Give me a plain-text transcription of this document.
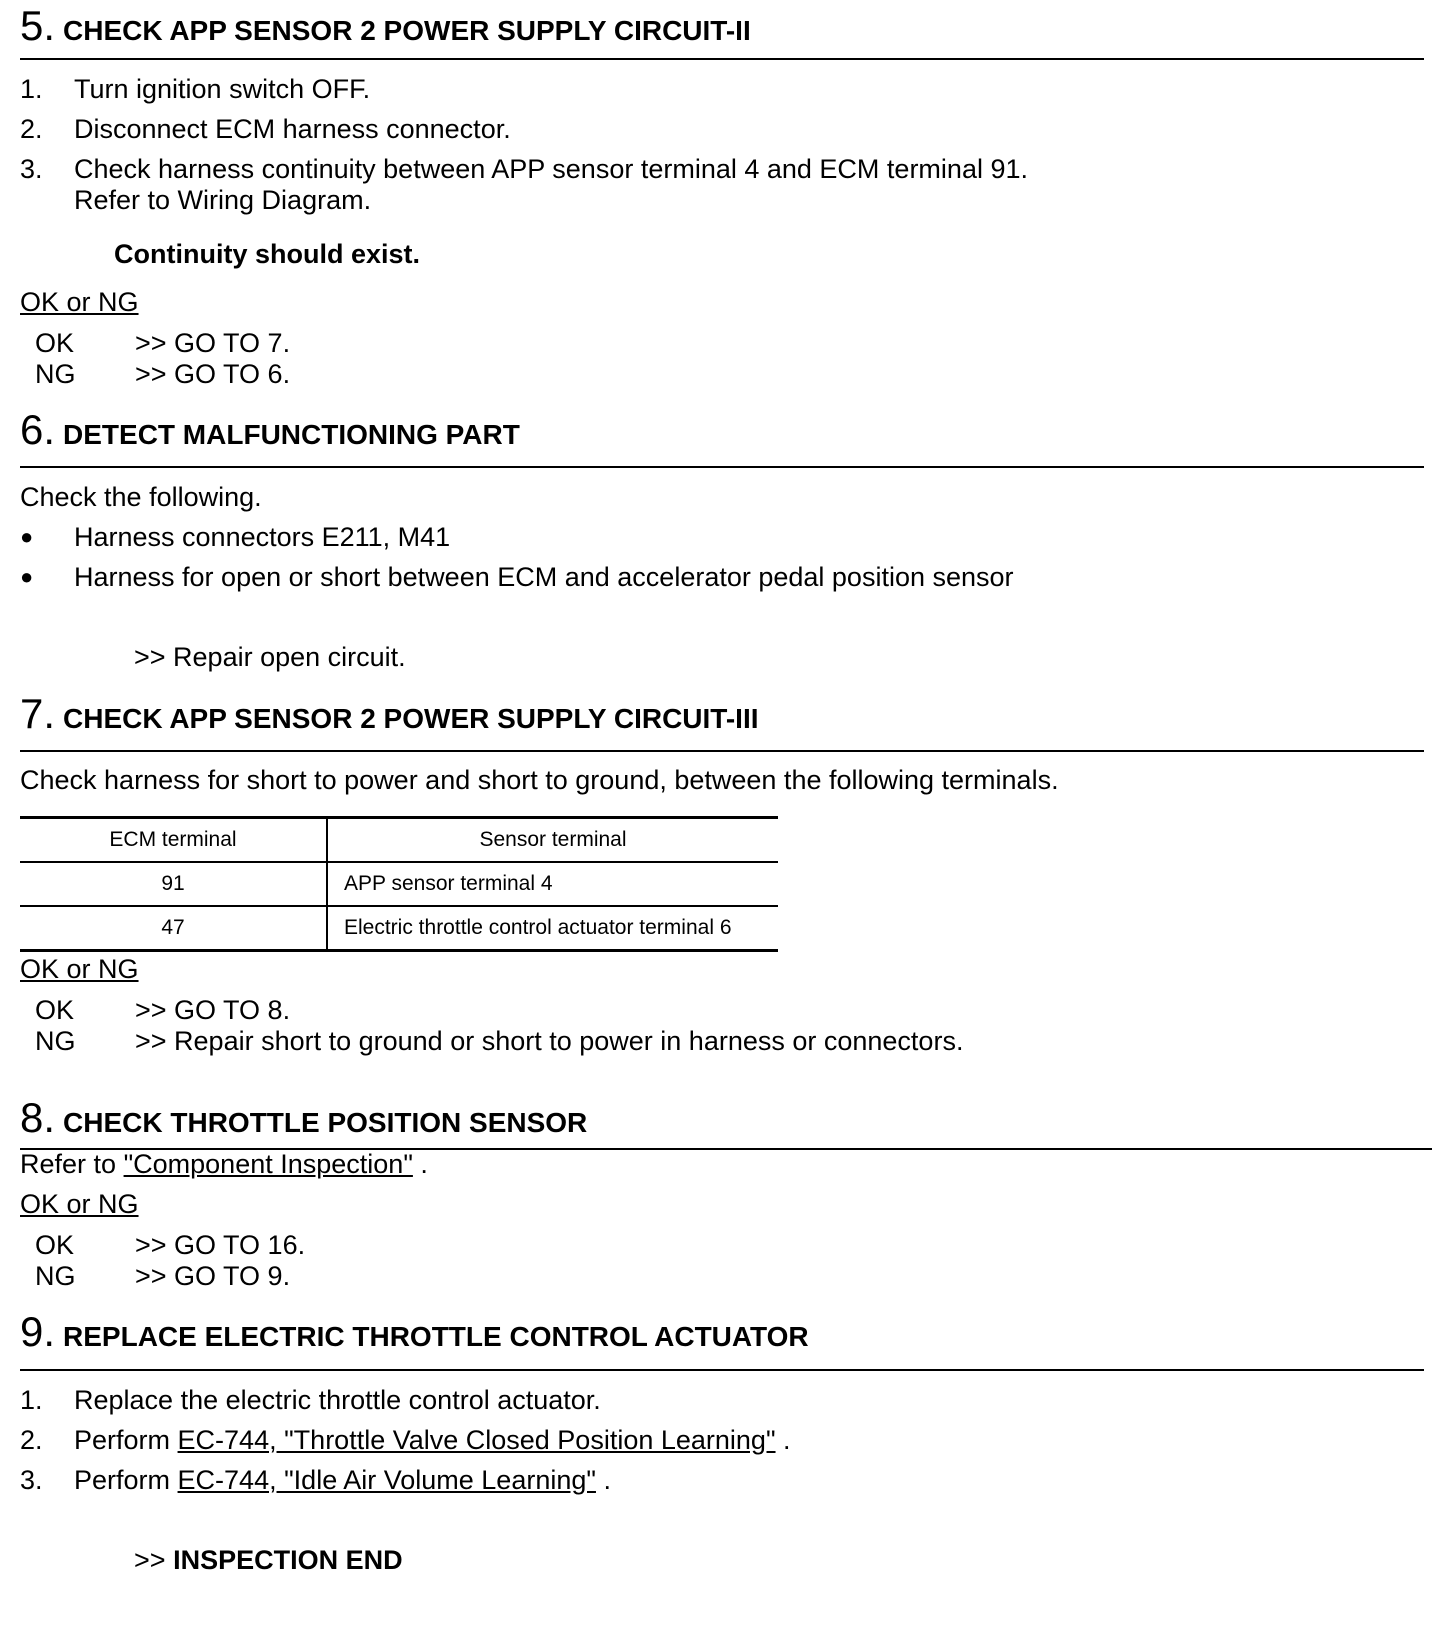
5. CHECK APP SENSOR 2 POWER SUPPLY CIRCUIT-II
1. Turn ignition switch OFF.
2. Disconnect ECM harness connector.
3. Check harness continuity between APP sensor terminal 4 and ECM terminal 91.
Refer to Wiring Diagram.
Continuity should exist.
OK or NG
OK >> GO TO 7.
NG >> GO TO 6.
6. DETECT MALFUNCTIONING PART
Check the following.
● Harness connectors E211, M41
● Harness for open or short between ECM and accelerator pedal position sensor
>> Repair open circuit.
7. CHECK APP SENSOR 2 POWER SUPPLY CIRCUIT-III
Check harness for short to power and short to ground, between the following terminals.
ECM terminal	Sensor terminal
91	APP sensor terminal 4
47	Electric throttle control actuator terminal 6
OK or NG
OK >> GO TO 8.
NG >> Repair short to ground or short to power in harness or connectors.
8. CHECK THROTTLE POSITION SENSOR
Refer to "Component Inspection" .
OK or NG
OK >> GO TO 16.
NG >> GO TO 9.
9. REPLACE ELECTRIC THROTTLE CONTROL ACTUATOR
1. Replace the electric throttle control actuator.
2. Perform EC-744, "Throttle Valve Closed Position Learning" .
3. Perform EC-744, "Idle Air Volume Learning" .
>> INSPECTION END
